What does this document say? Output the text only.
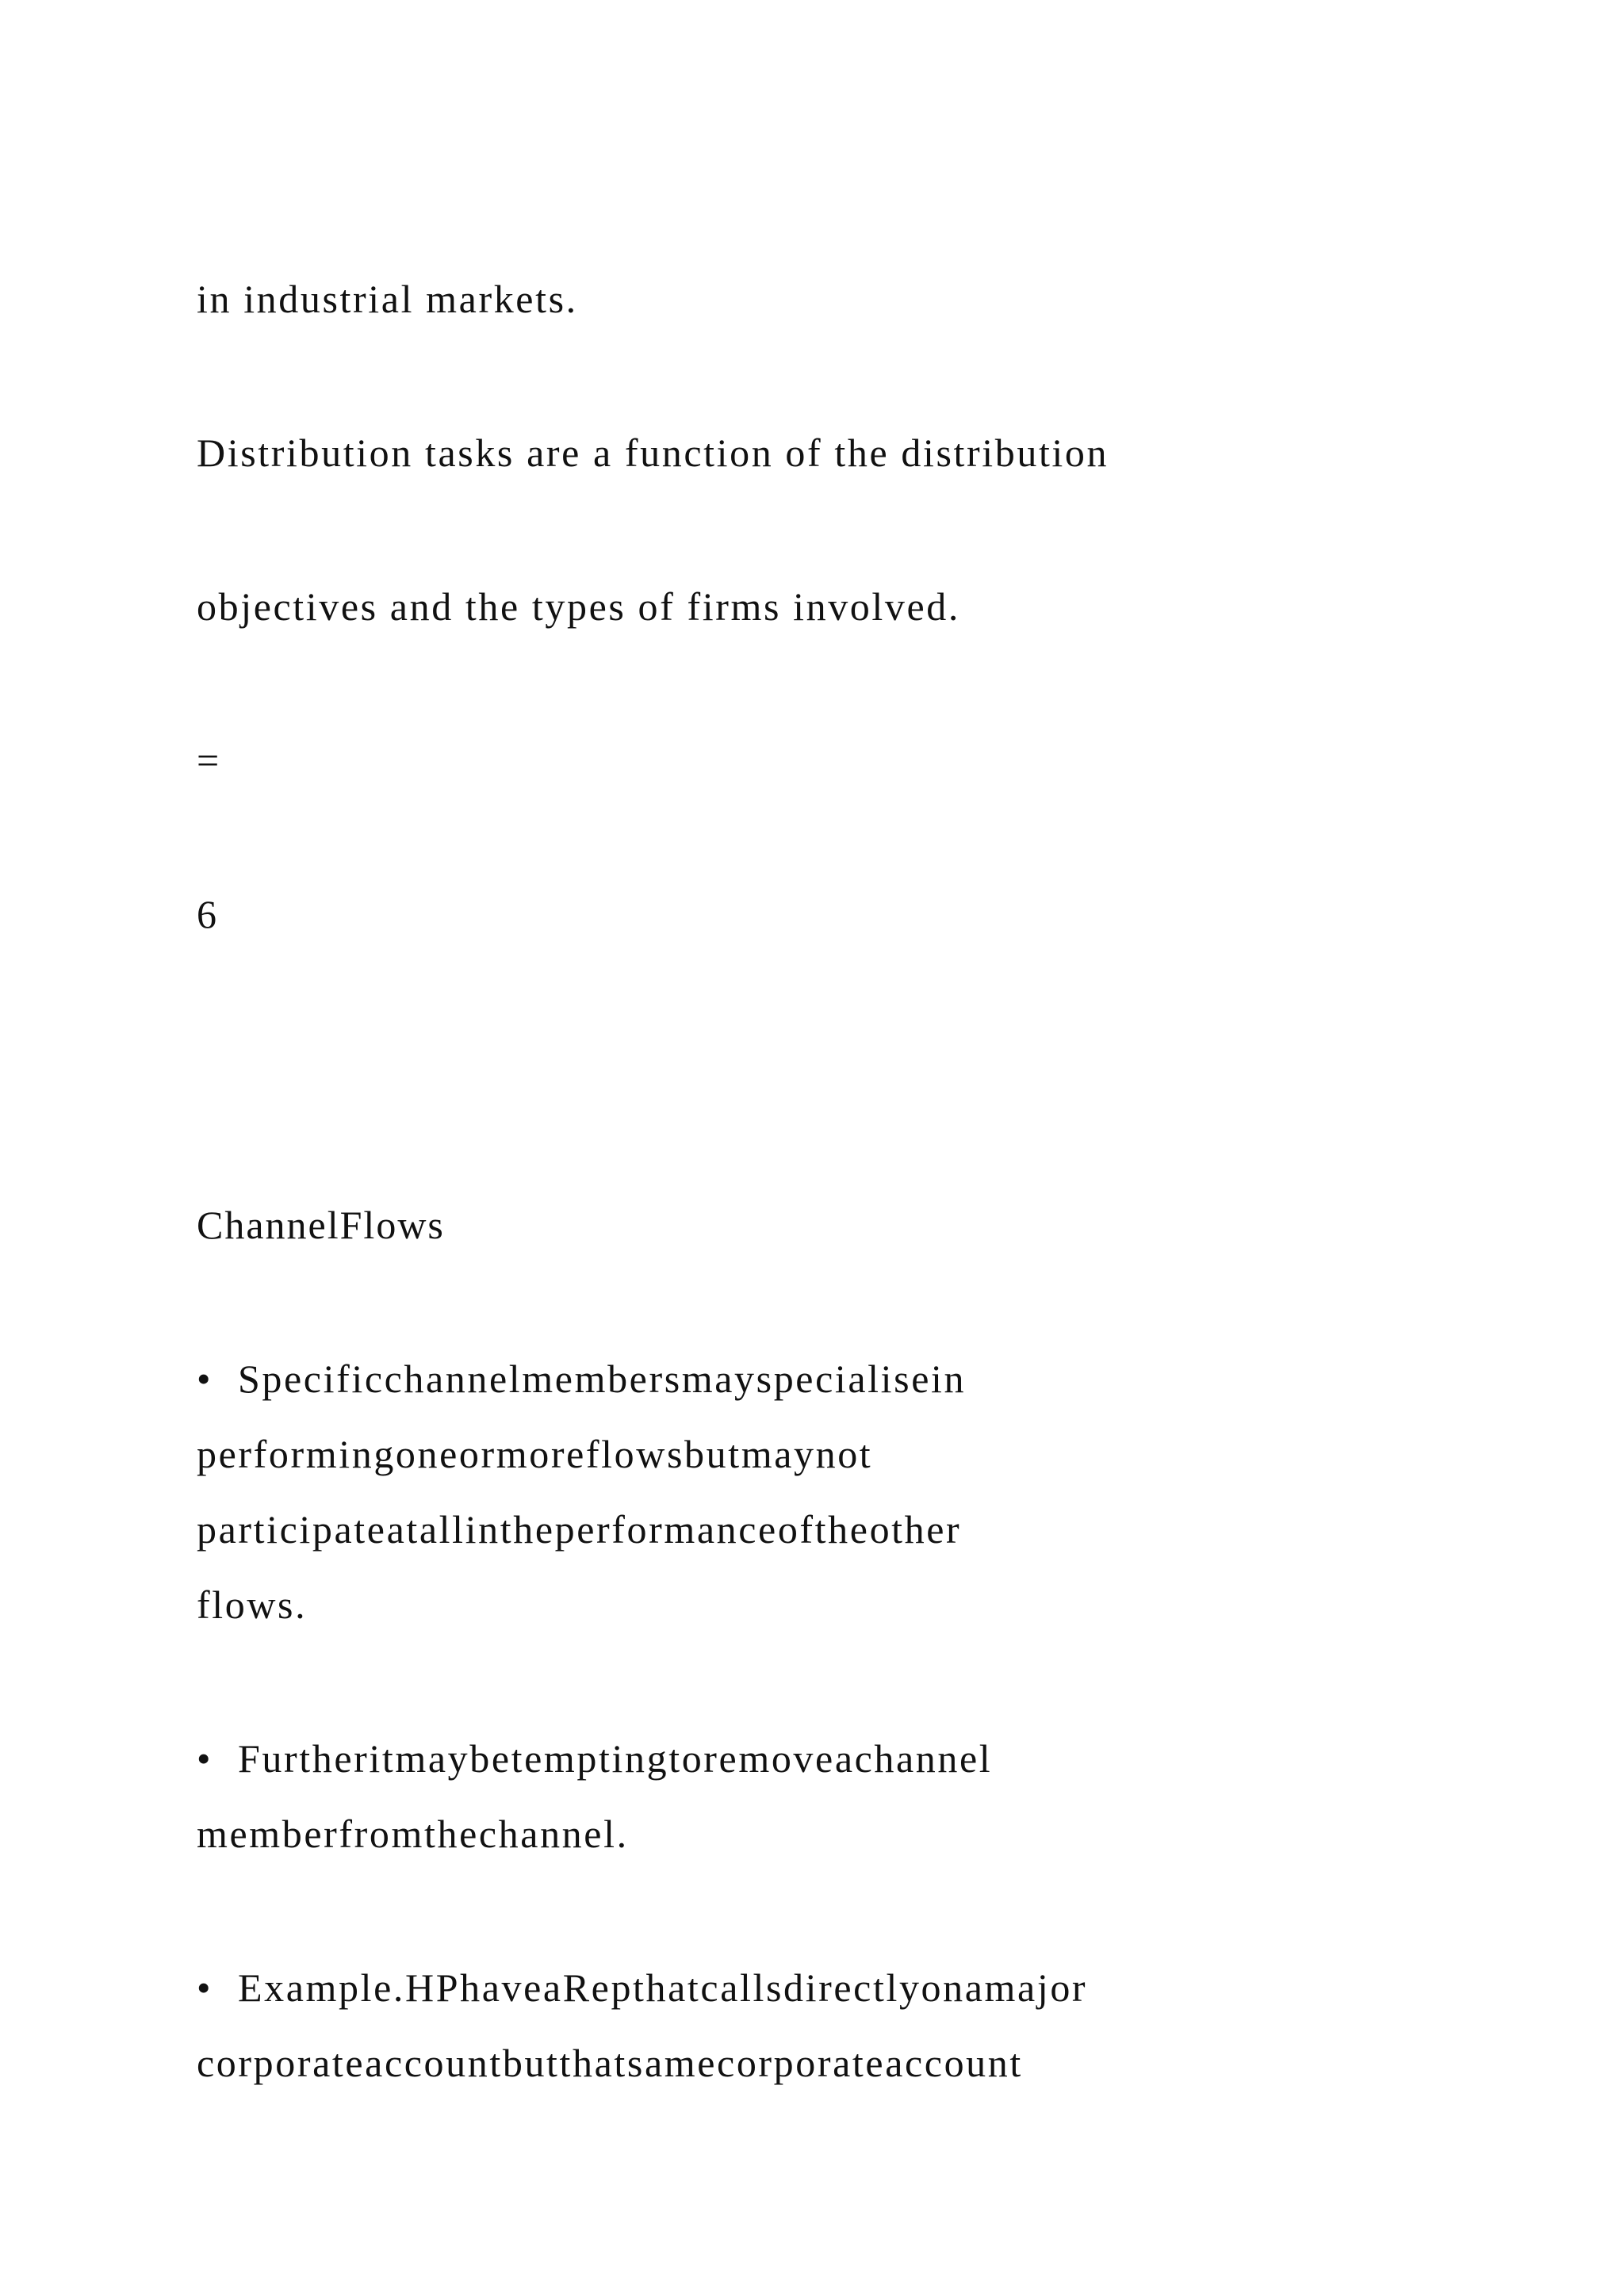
in industrial markets.

Distribution tasks are a function of the distribution

objectives and the types of firms involved.

=

6

ChannelFlows

• Specificchannelmembersmayspecialisein

performingoneormoreflowsbutmaynot

participateatallintheperformanceoftheother

flows.

• Furtheritmaybetemptingtoremoveachannel

memberfromthechannel.

• Example.HPhaveaRepthatcallsdirectlyonamajor

corporateaccountbutthatsamecorporateaccount
